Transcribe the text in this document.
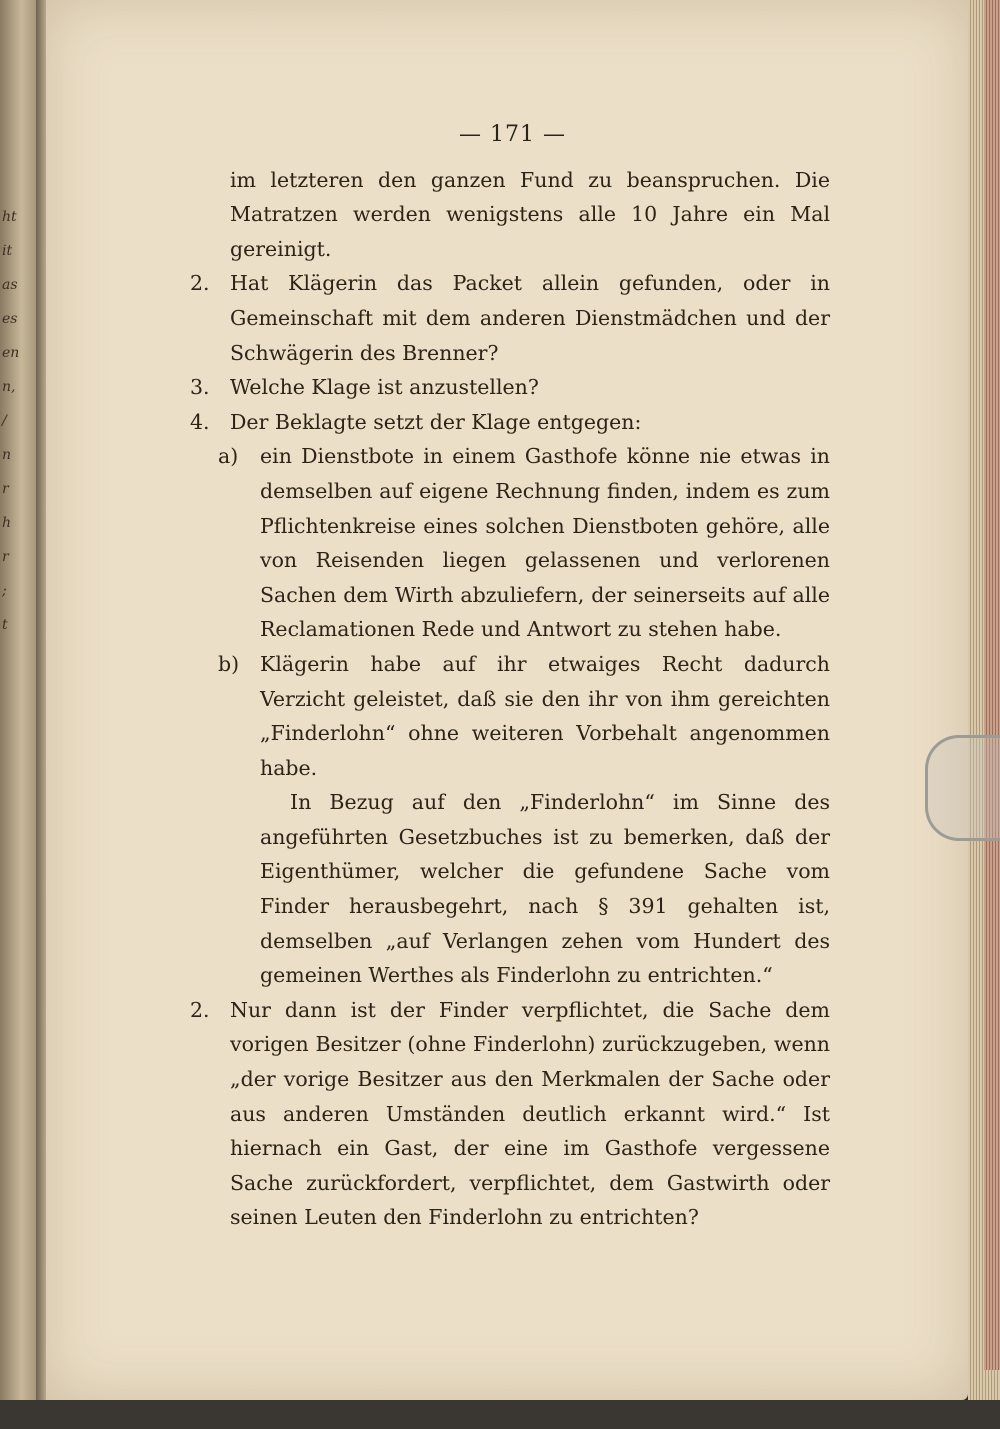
ht
it
as
es
en
n,
/
n
r
h
r
;
t
— 171 —

im letzteren den ganzen Fund zu beanspruchen. Die Matratzen werden wenigstens alle 10 Jahre ein Mal gereinigt.

2. Hat Klägerin das Packet allein gefunden, oder in Gemeinschaft mit dem anderen Dienstmädchen und der Schwägerin des Brenner?

3. Welche Klage ist anzustellen?

4. Der Beklagte setzt der Klage entgegen:

a) ein Dienstbote in einem Gasthofe könne nie etwas in demselben auf eigene Rechnung finden, indem es zum Pflichtenkreise eines solchen Dienstboten gehöre, alle von Reisenden liegen gelassenen und verlorenen Sachen dem Wirth abzuliefern, der seinerseits auf alle Reclamationen Rede und Antwort zu stehen habe.

b) Klägerin habe auf ihr etwaiges Recht dadurch Verzicht geleistet, daß sie den ihr von ihm gereichten „Finderlohn“ ohne weiteren Vorbehalt angenommen habe.

In Bezug auf den „Finderlohn“ im Sinne des angeführten Gesetzbuches ist zu bemerken, daß der Eigenthümer, welcher die gefundene Sache vom Finder herausbegehrt, nach § 391 gehalten ist, demselben „auf Verlangen zehen vom Hundert des gemeinen Werthes als Finderlohn zu entrichten.“

2. Nur dann ist der Finder verpflichtet, die Sache dem vorigen Besitzer (ohne Finderlohn) zurückzugeben, wenn „der vorige Besitzer aus den Merkmalen der Sache oder aus anderen Umständen deutlich erkannt wird.“ Ist hiernach ein Gast, der eine im Gasthofe vergessene Sache zurückfordert, verpflichtet, dem Gastwirth oder seinen Leuten den Finderlohn zu entrichten?
